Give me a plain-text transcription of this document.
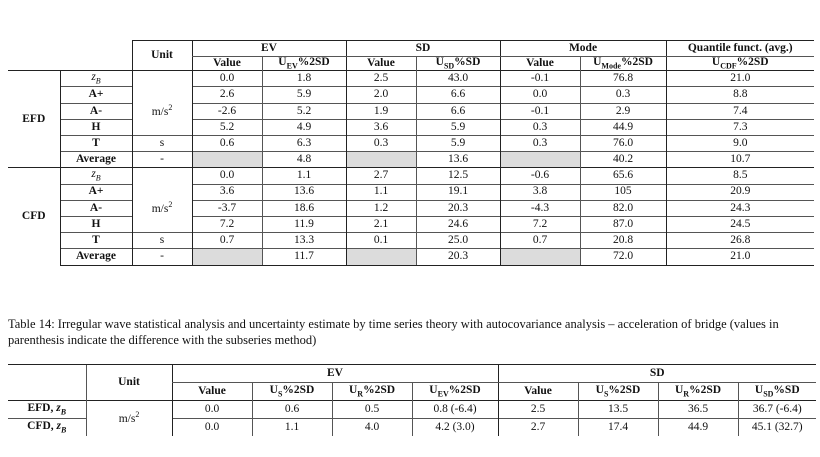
		Unit	EV		SD		Mode		Quantile funct. (avg.)
			Value	$U_{EV}\%2SD$	Value	$U_{SD}\%SD$	Value	$U_{Mode}\%2SD$	$U_{CDF}\%2SD$
EFD	$z_B$		0.0	1.8	2.5	43.0	-0.1	76.8	21.0
	A+	$m/s^2$	2.6	5.9	2.0	6.6	0.0	0.3	8.8
	A-		-2.6	5.2	1.9	6.6	-0.1	2.9	7.4
	H		5.2	4.9	3.6	5.9	0.3	44.9	7.3
	T	s	0.6	6.3	0.3	5.9	0.3	76.0	9.0
	Average	-		4.8		13.6		40.2	10.7
CFD	$z_B$		0.0	1.1	2.7	12.5	-0.6	65.6	8.5
	A+	$m/s^2$	3.6	13.6	1.1	19.1	3.8	105	20.9
	A-		-3.7	18.6	1.2	20.3	-4.3	82.0	24.3
	H		7.2	11.9	2.1	24.6	7.2	87.0	24.5
	T	s	0.7	13.3	0.1	25.0	0.7	20.8	26.8
	Average	-		11.7		20.3		72.0	21.0
Table 14: Irregular wave statistical analysis and uncertainty estimate by time series theory with autocovariance analysis – acceleration of bridge (values in parenthesis indicate the difference with the subseries method)
	Unit	EV				SD			
		Value	$U_S\%2SD$	$U_R\%2SD$	$U_{EV}\%2SD$	Value	$U_S\%2SD$	$U_R\%2SD$	$U_{SD}\%SD$
EFD, $z_B$	$m/s^2$	0.0	0.6	0.5	0.8 (-6.4)	2.5	13.5	36.5	36.7 (-6.4)
CFD, $z_B$		0.0	1.1	4.0	4.2 (3.0)	2.7	17.4	44.9	45.1 (32.7)
